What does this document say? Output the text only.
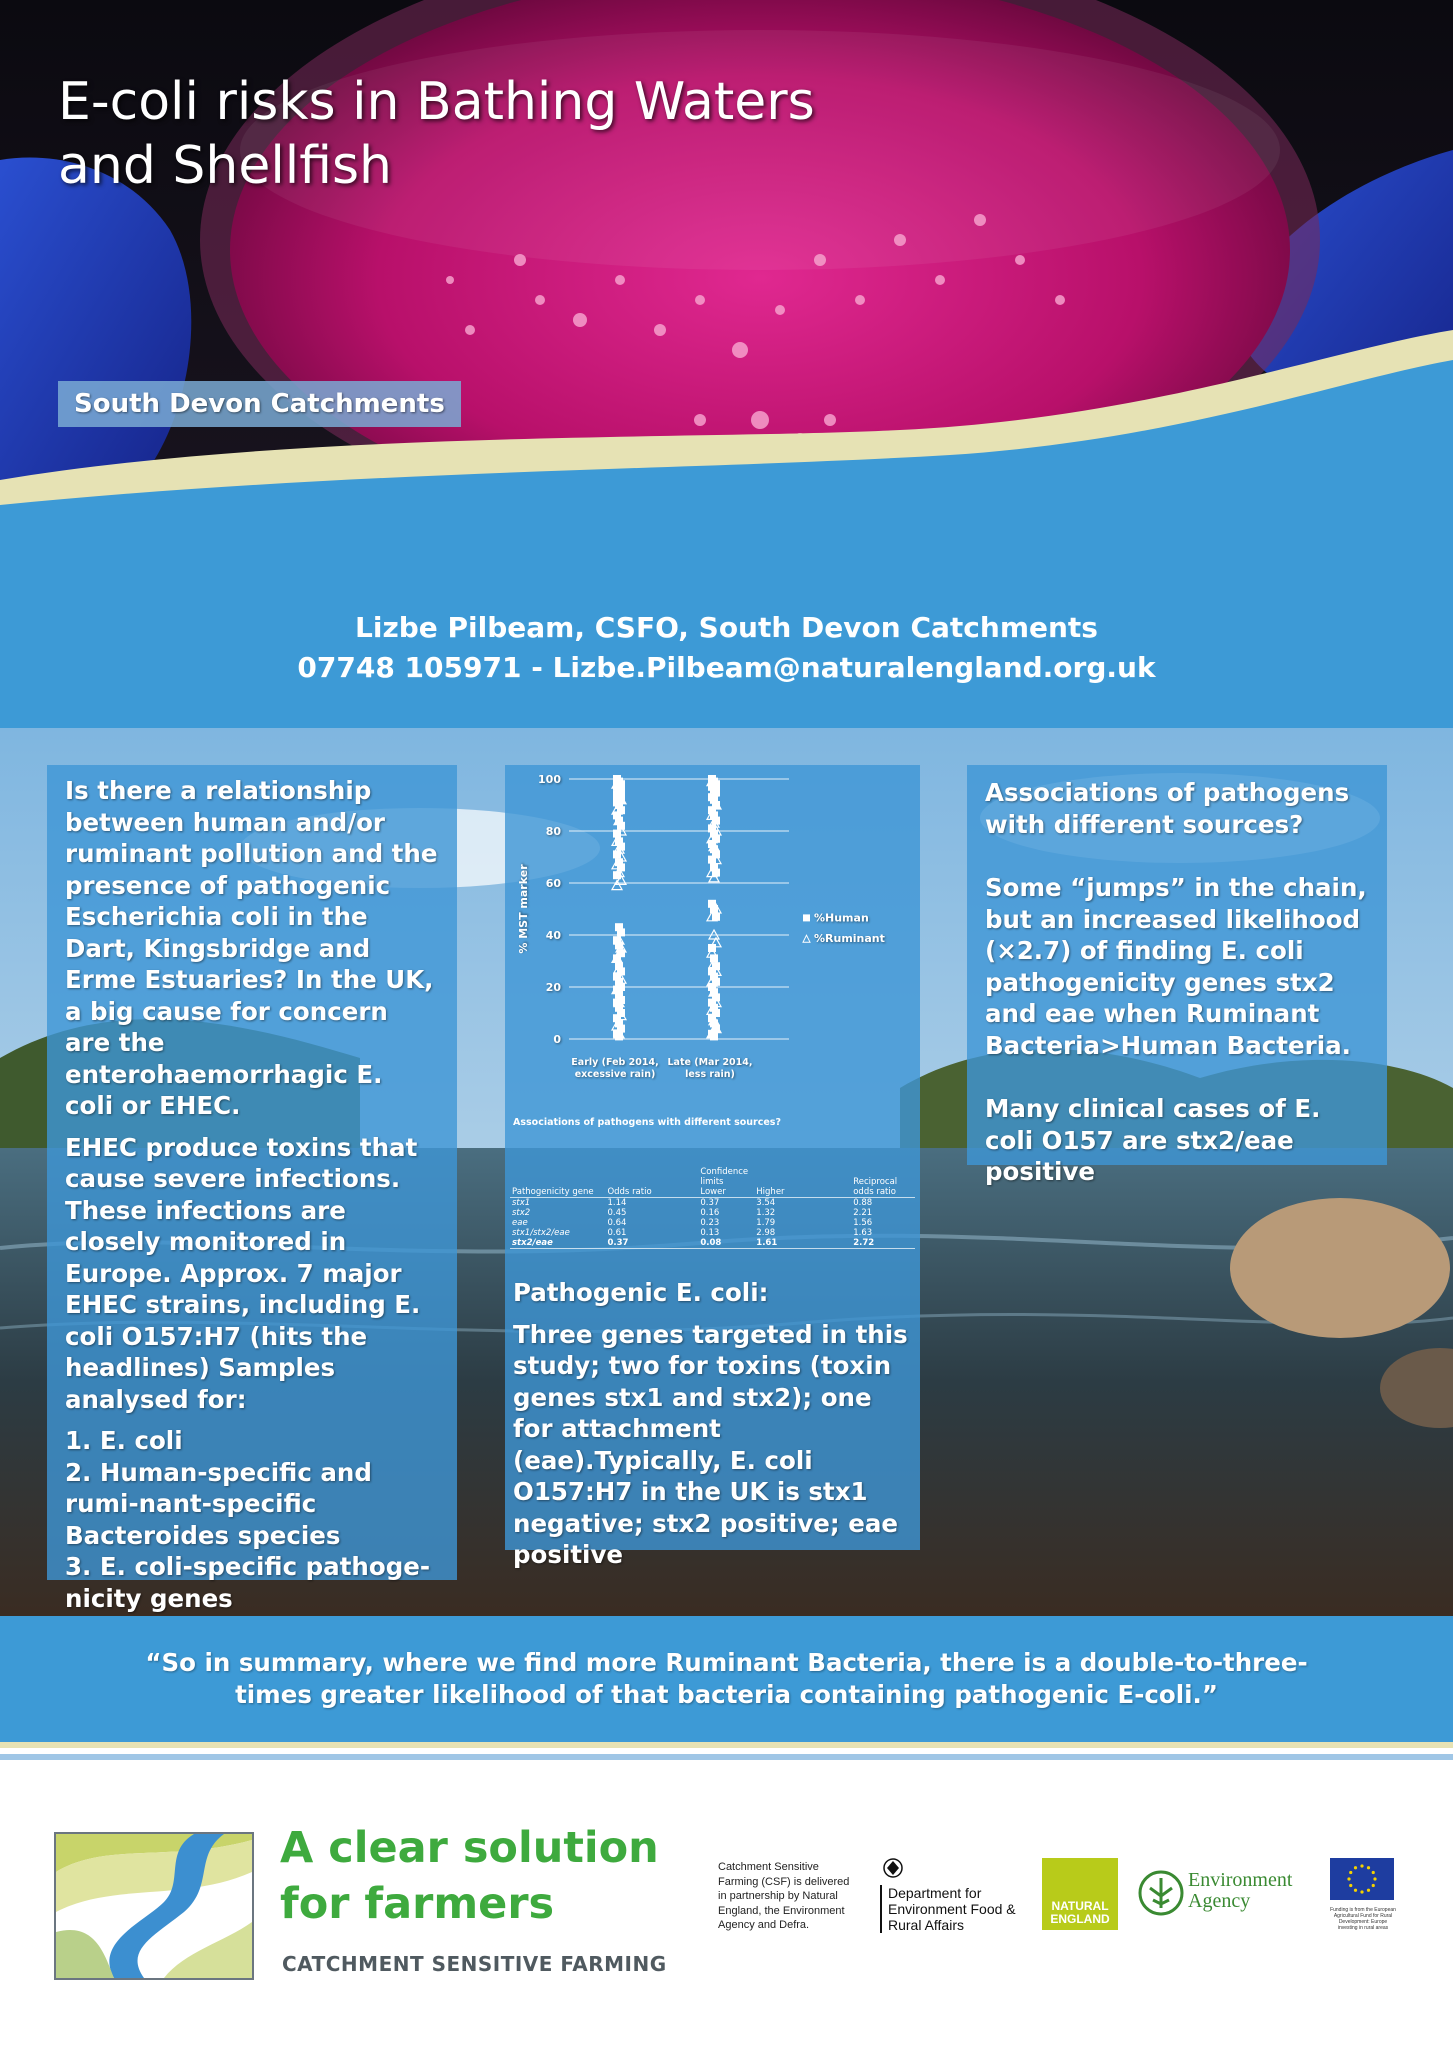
E-coli risks in Bathing Waters
and Shellfish
South Devon Catchments
Lizbe Pilbeam, CSFO, South Devon Catchments
07748 105971 - Lizbe.Pilbeam@naturalengland.org.uk

Is there a relationship between human and/or ruminant pollution and the presence of pathogenic Escherichia coli in the Dart, Kingsbridge and Erme Estuaries? In the UK, a big cause for concern are the enterohaemorrhagic E. coli or EHEC.

EHEC produce toxins that cause severe infections. These infections are closely monitored in Europe. Approx. 7 major EHEC strains, including E. coli O157:H7 (hits the headlines) Samples analysed for:

1. E. coli
2. Human-specific and rumi-nant-specific Bacteroides species
3. E. coli-specific pathoge-nicity genes
0
20
40
60
80
100
% MST marker
Early (Feb 2014,
excessive rain)
Late (Mar 2014,
less rain)
%Human
%Ruminant
Associations of pathogens with different sources?
Pathogenicity gene	Odds ratio	Confidence limits
Lower	Higher	Reciprocal odds ratio
stx1	1.14	0.37	3.54	0.88
stx2	0.45	0.16	1.32	2.21
eae	0.64	0.23	1.79	1.56
stx1/stx2/eae	0.61	0.13	2.98	1.63
stx2/eae	0.37	0.08	1.61	2.72

Pathogenic E. coli:

Three genes targeted in this study; two for toxins (toxin genes stx1 and stx2); one for attachment (eae).Typically, E. coli O157:H7 in the UK is stx1 negative; stx2 positive; eae positive

Associations of pathogens with different sources?

Some “jumps” in the chain, but an increased likelihood (×2.7) of finding E. coli pathogenicity genes stx2 and eae when Ruminant Bacteria>Human Bacteria.

Many clinical cases of E. coli O157 are stx2/eae positive

“So in summary, where we find more Ruminant Bacteria, there is a double-to-three-times greater likelihood of that bacteria containing pathogenic E-coli.”

A clear solution
for farmers

CATCHMENT SENSITIVE FARMING
Catchment Sensitive Farming (CSF) is delivered in partnership by Natural England, the Environment Agency and Defra.
Department for Environment Food & Rural Affairs
NATURAL ENGLAND
Environment Agency	Funding is from the European Agricultural Fund for Rural Development: Europe investing in rural areas
